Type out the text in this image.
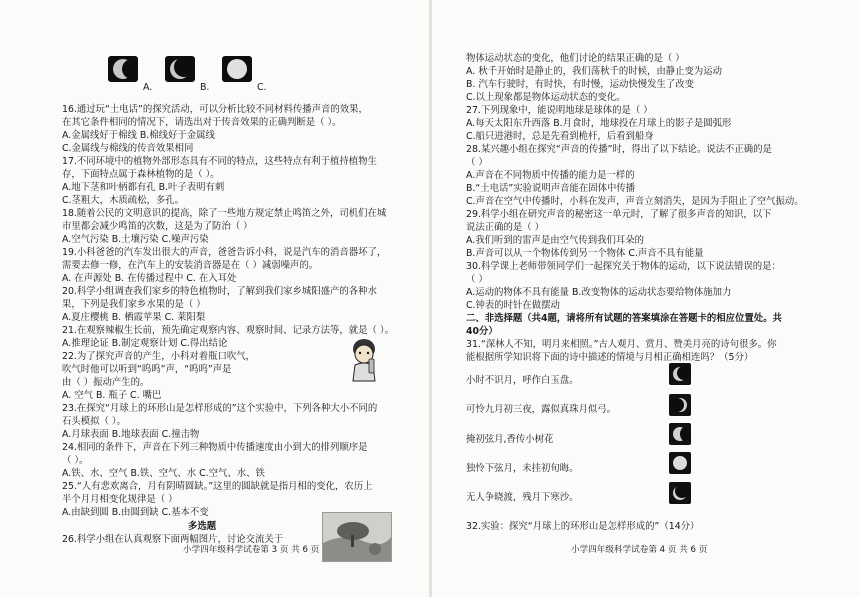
A.	B.	C.
16.通过玩“土电话”的探究活动，可以分析比较不同材料传播声音的效果，
在其它条件相同的情况下，请选出对于传音效果的正确判断是（ ）。
A.金属线好于棉线 B.棉线好于金属线
C.金属线与棉线的传音效果相同
17.不同环境中的植物外部形态具有不同的特点，这些特点有利于植持植物生
存，下面特点属于森林植物的是（ ）。
A.地下茎和叶柄都有孔 B.叶子表明有刺
C.茎粗大，木质疏松，多孔。
18.随着公民的文明意识的提高，除了一些地方规定禁止鸣笛之外，司机们在城
市里都会减少鸣笛的次数，这是为了防治（ ）
A.空气污染 B.土壤污染 C.噪声污染
19.小科爸爸的汽车发出很大的声音，爸爸告诉小科，说是汽车的消音器坏了，
需要去修一修，在汽车上的安装消音器是在（ ）减弱噪声的。
A. 在声源处 B. 在传播过程中 C. 在入耳处
20.科学小组调查我们家乡的特色植物时，了解到我们家乡城阳盛产的各种水
果，下列是我们家乡水果的是（ ）
A.夏庄樱桃 B. 栖霞苹果 C. 莱阳梨
21.在观察辣椒生长前，预先确定观察内容、观察时间、记录方法等，就是（ ）。
A.推理论证 B.制定观察计划 C.得出结论
22.为了探究声音的产生，小科对着瓶口吹气，
吹气时他可以听到“呜呜”声，“呜呜”声是
由（ ）振动产生的。
A. 空气 B. 瓶子 C. 嘴巴
23.在探究“月球上的环形山是怎样形成的”这个实验中，下列各种大小不同的
石头模拟（ ）。
A.月球表面 B.地球表面 C.撞击物
24.相同的条件下，声音在下列三种物质中传播速度由小到大的排列顺序是
（ ）。
A.铁、水、空气 B.铁、空气、水 C.空气、水、铁
25.“人有悲欢离合，月有阴晴圆缺。”这里的圆缺就是指月相的变化，农历上
半个月月相变化规律是（ ）
A.由缺到圆 B.由圆到缺 C.基本不变
多选题
26.科学小组在认真观察下面两幅图片，讨论交流关于
小学四年级科学试卷第 3 页 共 6 页
物体运动状态的变化，他们讨论的结果正确的是（ ）
A. 秋千开始时是静止的，我们荡秋千的时候，由静止变为运动
B. 汽车行驶时，有时快，有时慢，运动快慢发生了改变
C.以上现象都是物体运动状态的变化。
27.下列现象中，能说明地球是球体的是（ ）
A.每天太阳东升西落 B.月食时，地球投在月球上的影子是圆弧形
C.船只进港时，总是先看到桅杆，后看到船身
28.某兴趣小组在探究“声音的传播”时，得出了以下结论。说法不正确的是
（ ）
A.声音在不同物质中传播的能力是一样的
B.“土电话”实验说明声音能在固体中传播
C.声音在空气中传播时，小科在发声，声音立刻消失，是因为手阻止了空气振动。
29.科学小组在研究声音的秘密这一单元时，了解了很多声音的知识，以下
说法正确的是（ ）
A.我们听到的雷声是由空气传到我们耳朵的
B.声音可以从一个物体传到另一个物体 C.声音不具有能量
30.科学课上老师带领同学们一起探究关于物体的运动，以下说法错误的是：
（ ）
A.运动的物体不具有能量 B.改变物体的运动状态要给物体施加力
C.钟表的时针在做摆动
二、非选择题（共4题，请将所有试题的答案填涂在答题卡的相应位置处。共
40分）
31.“深林人不知，明月来相照。”古人观月、赏月、赞美月亮的诗句很多。你
能根据所学知识将下面的诗中描述的情境与月相正确相连吗？（5分）
小时不识月，呼作白玉盘。
可怜九月初三夜，露似真珠月似弓。
掩初弦月,香传小树花
独怜下弦月，未挂初旬晦。
无人争晓渡，残月下寒沙。
32.实验：探究“月球上的环形山是怎样形成的”（14分）
小学四年级科学试卷第 4 页 共 6 页
